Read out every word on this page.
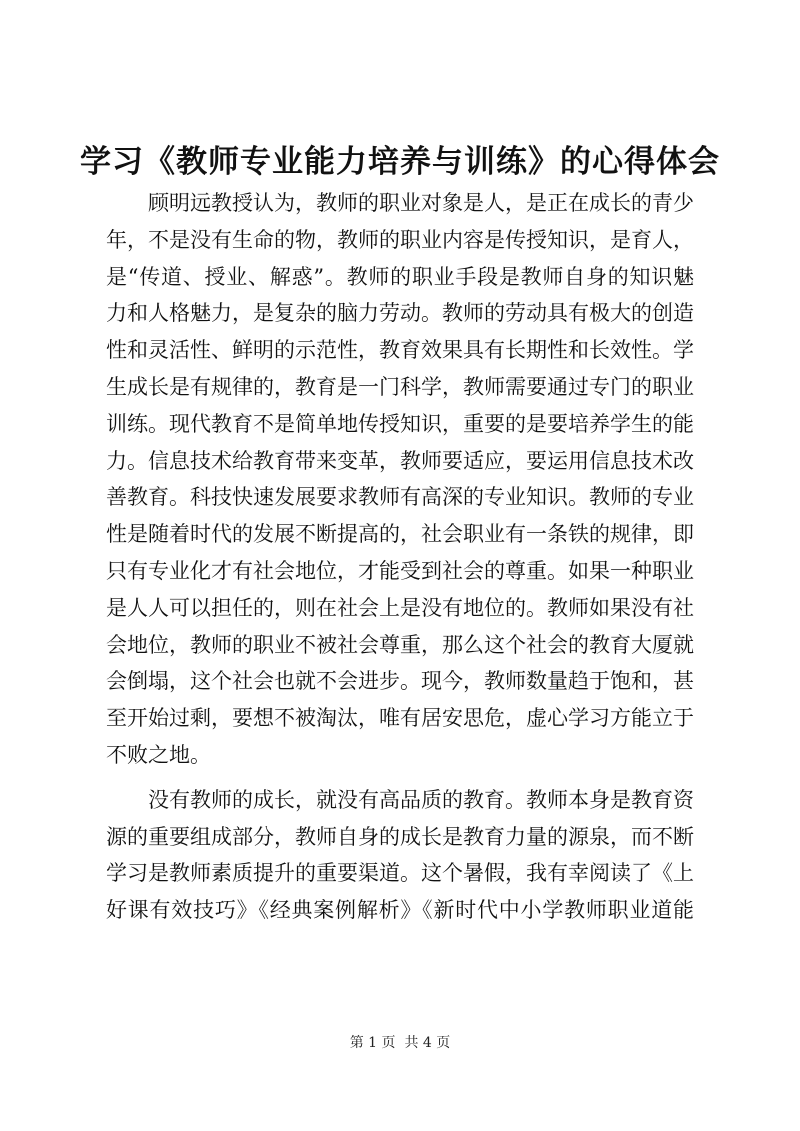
学习《教师专业能力培养与训练》的心得体会
顾明远教授认为，教师的职业对象是人，是正在成长的青少
年，不是没有生命的物，教师的职业内容是传授知识，是育人，
是“传道、授业、解惑”。教师的职业手段是教师自身的知识魅
力和人格魅力，是复杂的脑力劳动。教师的劳动具有极大的创造
性和灵活性、鲜明的示范性，教育效果具有长期性和长效性。学
生成长是有规律的，教育是一门科学，教师需要通过专门的职业
训练。现代教育不是简单地传授知识，重要的是要培养学生的能
力。信息技术给教育带来变革，教师要适应，要运用信息技术改
善教育。科技快速发展要求教师有高深的专业知识。教师的专业
性是随着时代的发展不断提高的，社会职业有一条铁的规律，即
只有专业化才有社会地位，才能受到社会的尊重。如果一种职业
是人人可以担任的，则在社会上是没有地位的。教师如果没有社
会地位，教师的职业不被社会尊重，那么这个社会的教育大厦就
会倒塌，这个社会也就不会进步。现今，教师数量趋于饱和，甚
至开始过剩，要想不被淘汰，唯有居安思危，虚心学习方能立于
不败之地。
没有教师的成长，就没有高品质的教育。教师本身是教育资
源的重要组成部分，教师自身的成长是教育力量的源泉，而不断
学习是教师素质提升的重要渠道。这个暑假，我有幸阅读了《上
好课有效技巧》《经典案例解析》《新时代中小学教师职业道能
第 1 页  共 4 页
